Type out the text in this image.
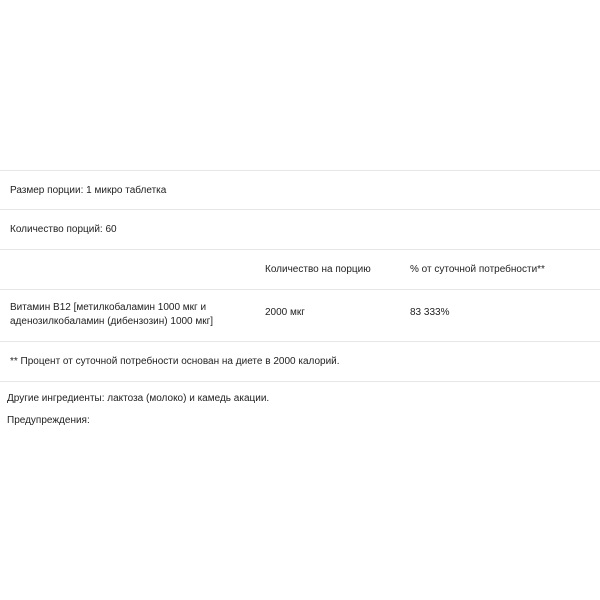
Размер порции: 1 микро таблетка
Количество порций: 60
Количество на порцию	% от суточной потребности**
Витамин B12 [метилкобаламин 1000 мкг и
аденозилкобаламин (дибензозин) 1000 мкг]
2000 мкг	83 333%
** Процент от суточной потребности основан на диете в 2000 калорий.
Другие ингредиенты: лактоза (молоко) и камедь акации.
Предупреждения:
